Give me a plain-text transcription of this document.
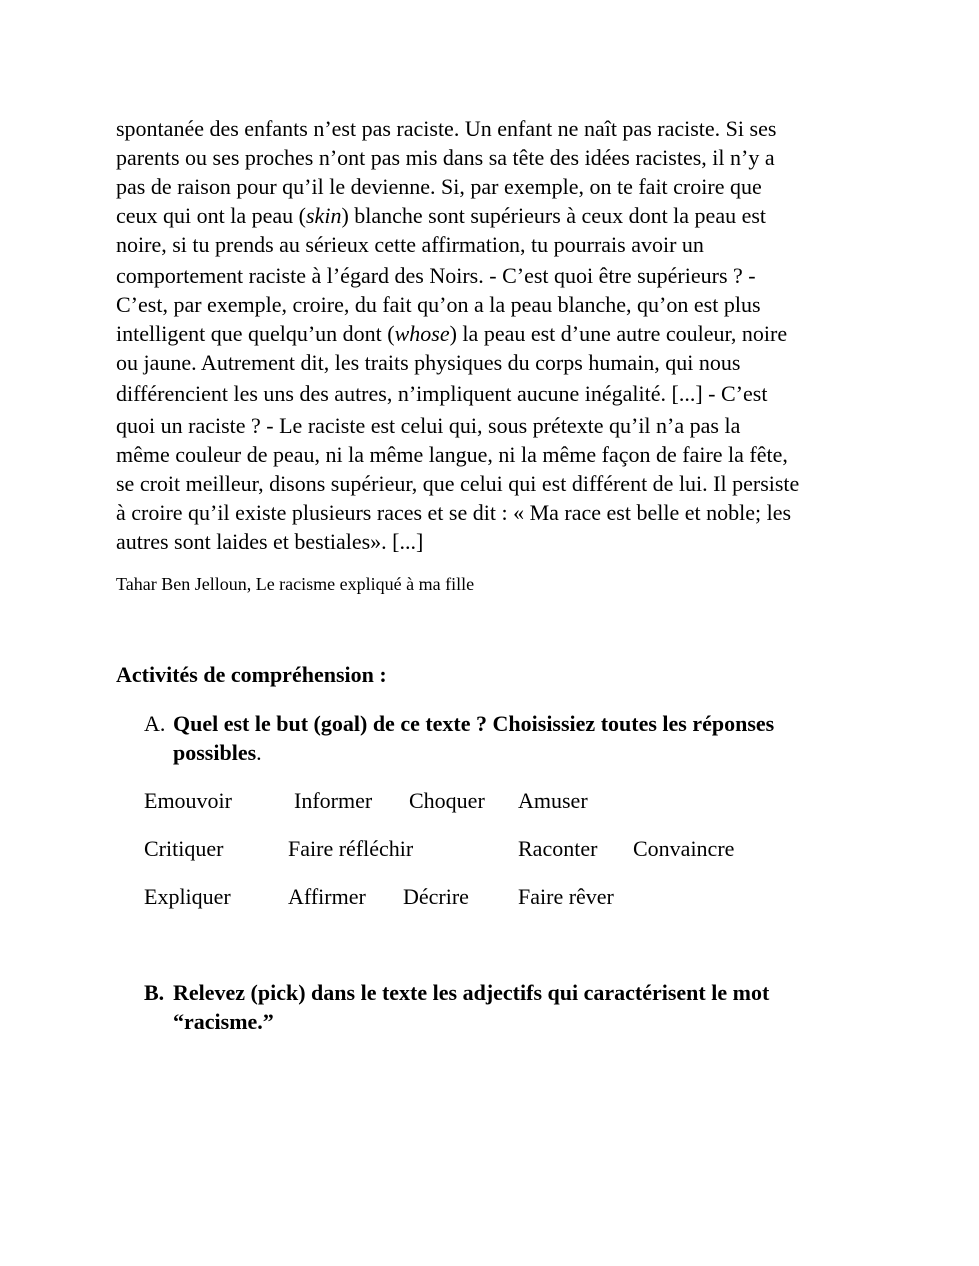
spontanée des enfants n’est pas raciste. Un enfant ne naît pas raciste. Si ses
parents ou ses proches n’ont pas mis dans sa tête des idées racistes, il n’y a
pas de raison pour qu’il le devienne. Si, par exemple, on te fait croire que
ceux qui ont la peau (skin) blanche sont supérieurs à ceux dont la peau est
noire, si tu prends au sérieux cette affirmation, tu pourrais avoir un
comportement raciste à l’égard des Noirs. - C’est quoi être supérieurs ? -
C’est, par exemple, croire, du fait qu’on a la peau blanche, qu’on est plus
intelligent que quelqu’un dont (whose) la peau est d’une autre couleur, noire
ou jaune. Autrement dit, les traits physiques du corps humain, qui nous
différencient les uns des autres, n’impliquent aucune inégalité. [...] - C’est
quoi un raciste ? - Le raciste est celui qui, sous prétexte qu’il n’a pas la
même couleur de peau, ni la même langue, ni la même façon de faire la fête,
se croit meilleur, disons supérieur, que celui qui est différent de lui. Il persiste
à croire qu’il existe plusieurs races et se dit : « Ma race est belle et noble; les
autres sont laides et bestiales». [...]
Tahar Ben Jelloun, Le racisme expliqué à ma fille
Activités de compréhension :
A. Quel est le but (goal) de ce texte ? Choisissiez toutes les réponses
possibles.
Emouvoir	Informer Choquer Amuser
Critiquer	Faire réfléchir	Raconter Convaincre
Expliquer	Affirmer Décrire Faire rêver
B. Relevez (pick) dans le texte les adjectifs qui caractérisent le mot
“racisme.”
